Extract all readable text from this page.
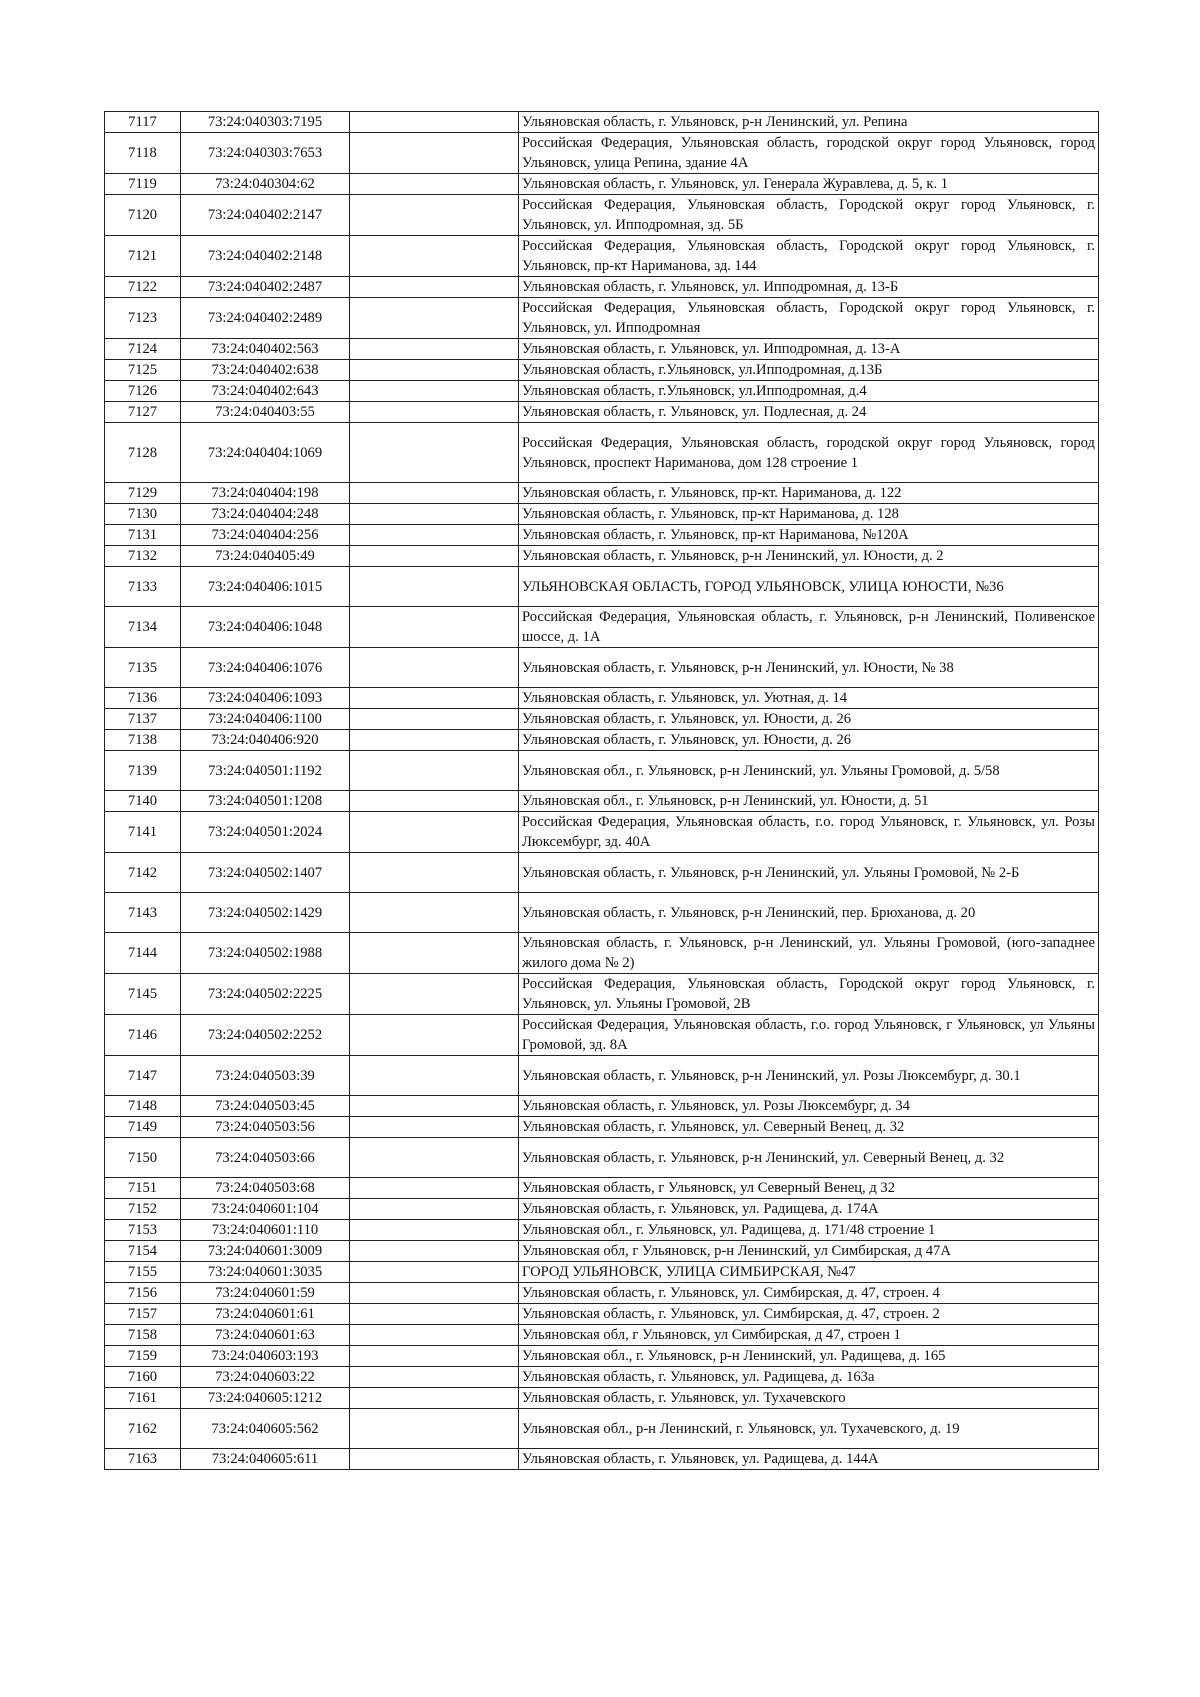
7117	73:24:040303:7195		Ульяновская область, г. Ульяновск, р-н Ленинский, ул. Репина
7118	73:24:040303:7653		Российская Федерация, Ульяновская область, городской округ город Ульяновск, город Ульяновск, улица Репина, здание 4А
7119	73:24:040304:62		Ульяновская область, г. Ульяновск, ул. Генерала Журавлева, д. 5, к. 1
7120	73:24:040402:2147		Российская Федерация, Ульяновская область, Городской округ город Ульяновск, г. Ульяновск, ул. Ипподромная, зд. 5Б
7121	73:24:040402:2148		Российская Федерация, Ульяновская область, Городской округ город Ульяновск, г. Ульяновск, пр-кт Нариманова, зд. 144
7122	73:24:040402:2487		Ульяновская область, г. Ульяновск, ул. Ипподромная, д. 13-Б
7123	73:24:040402:2489		Российская Федерация, Ульяновская область, Городской округ город Ульяновск, г. Ульяновск, ул. Ипподромная
7124	73:24:040402:563		Ульяновская область, г. Ульяновск, ул. Ипподромная, д. 13-А
7125	73:24:040402:638		Ульяновская область, г.Ульяновск, ул.Ипподромная, д.13Б
7126	73:24:040402:643		Ульяновская область, г.Ульяновск, ул.Ипподромная, д.4
7127	73:24:040403:55		Ульяновская область, г. Ульяновск, ул. Подлесная, д. 24
7128	73:24:040404:1069		Российская Федерация, Ульяновская область, городской округ город Ульяновск, город Ульяновск, проспект Нариманова, дом 128 строение 1
7129	73:24:040404:198		Ульяновская область, г. Ульяновск, пр-кт. Нариманова, д. 122
7130	73:24:040404:248		Ульяновская область, г. Ульяновск, пр-кт Нариманова, д. 128
7131	73:24:040404:256		Ульяновская область, г. Ульяновск, пр-кт Нариманова, №120А
7132	73:24:040405:49		Ульяновская область, г. Ульяновск, р-н Ленинский, ул. Юности, д. 2
7133	73:24:040406:1015		УЛЬЯНОВСКАЯ ОБЛАСТЬ, ГОРОД УЛЬЯНОВСК, УЛИЦА ЮНОСТИ, №36
7134	73:24:040406:1048		Российская Федерация, Ульяновская область, г. Ульяновск, р-н Ленинский, Поливенское шоссе, д. 1А
7135	73:24:040406:1076		Ульяновская область, г. Ульяновск, р-н Ленинский, ул. Юности, № 38
7136	73:24:040406:1093		Ульяновская область, г. Ульяновск, ул. Уютная, д. 14
7137	73:24:040406:1100		Ульяновская область, г. Ульяновск, ул. Юности, д. 26
7138	73:24:040406:920		Ульяновская область, г. Ульяновск, ул. Юности, д. 26
7139	73:24:040501:1192		Ульяновская обл., г. Ульяновск, р-н Ленинский, ул. Ульяны Громовой, д. 5/58
7140	73:24:040501:1208		Ульяновская обл., г. Ульяновск, р-н Ленинский, ул. Юности, д. 51
7141	73:24:040501:2024		Российская Федерация, Ульяновская область, г.о. город Ульяновск, г. Ульяновск, ул. Розы Люксембург, зд. 40А
7142	73:24:040502:1407		Ульяновская область, г. Ульяновск, р-н Ленинский, ул. Ульяны Громовой, № 2-Б
7143	73:24:040502:1429		Ульяновская область, г. Ульяновск, р-н Ленинский, пер. Брюханова, д. 20
7144	73:24:040502:1988		Ульяновская область, г. Ульяновск, р-н Ленинский, ул. Ульяны Громовой, (юго-западнее жилого дома № 2)
7145	73:24:040502:2225		Российская Федерация, Ульяновская область, Городской округ город Ульяновск, г. Ульяновск, ул. Ульяны Громовой, 2В
7146	73:24:040502:2252		Российская Федерация, Ульяновская область, г.о. город Ульяновск, г Ульяновск, ул Ульяны Громовой, зд. 8А
7147	73:24:040503:39		Ульяновская область, г. Ульяновск, р-н Ленинский, ул. Розы Люксембург, д. 30.1
7148	73:24:040503:45		Ульяновская область, г. Ульяновск, ул. Розы Люксембург, д. 34
7149	73:24:040503:56		Ульяновская область, г. Ульяновск, ул. Северный Венец, д. 32
7150	73:24:040503:66		Ульяновская область, г. Ульяновск, р-н Ленинский, ул. Северный Венец, д. 32
7151	73:24:040503:68		Ульяновская область, г Ульяновск, ул Северный Венец, д 32
7152	73:24:040601:104		Ульяновская область, г. Ульяновск, ул. Радищева, д. 174А
7153	73:24:040601:110		Ульяновская обл., г. Ульяновск, ул. Радищева, д. 171/48 строение 1
7154	73:24:040601:3009		Ульяновская обл, г Ульяновск, р-н Ленинский, ул Симбирская, д 47А
7155	73:24:040601:3035		ГОРОД УЛЬЯНОВСК, УЛИЦА СИМБИРСКАЯ, №47
7156	73:24:040601:59		Ульяновская область, г. Ульяновск, ул. Симбирская, д. 47, строен. 4
7157	73:24:040601:61		Ульяновская область, г. Ульяновск, ул. Симбирская, д. 47, строен. 2
7158	73:24:040601:63		Ульяновская обл, г Ульяновск, ул Симбирская, д 47, строен 1
7159	73:24:040603:193		Ульяновская обл., г. Ульяновск, р-н Ленинский, ул. Радищева, д. 165
7160	73:24:040603:22		Ульяновская область, г. Ульяновск, ул. Радищева, д. 163а
7161	73:24:040605:1212		Ульяновская область, г. Ульяновск, ул. Тухачевского
7162	73:24:040605:562		Ульяновская обл., р-н Ленинский, г. Ульяновск, ул. Тухачевского, д. 19
7163	73:24:040605:611		Ульяновская область, г. Ульяновск, ул. Радищева, д. 144А
